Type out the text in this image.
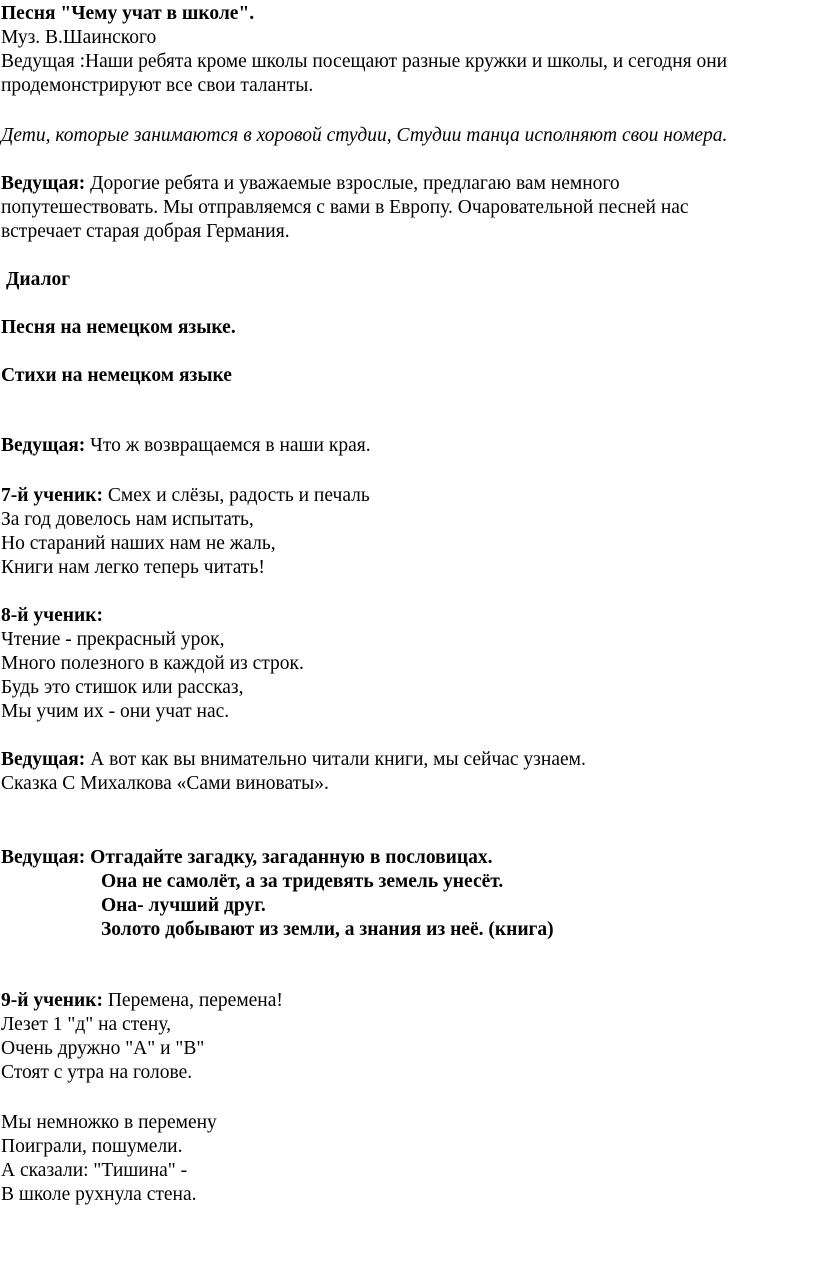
Песня "Чему учат в школе".
Муз. В.Шаинского
Ведущая :Наши ребята кроме школы посещают разные кружки и школы, и сегодня они
продемонстрируют все свои таланты.
Дети, которые занимаются в хоровой студии, Студии танца исполняют свои номера.
Ведущая: Дорогие ребята и уважаемые взрослые, предлагаю вам немного
попутешествовать. Мы отправляемся с вами в Европу. Очаровательной песней нас
встречает старая добрая Германия.
Диалог
Песня на немецком языке.
Стихи на немецком языке
Ведущая: Что ж возвращаемся в наши края.
7-й ученик: Смех и слёзы, радость и печаль
За год довелось нам испытать,
Но стараний наших нам не жаль,
Книги нам легко теперь читать!
8-й ученик:
Чтение - прекрасный урок,
Много полезного в каждой из строк.
Будь это стишок или рассказ,
Мы учим их - они учат нас.
Ведущая: А вот как вы внимательно читали книги, мы сейчас узнаем.
Сказка С Михалкова «Сами виноваты».
Ведущая: Отгадайте загадку, загаданную в пословицах.
Она не самолёт, а за тридевять земель унесёт.
Она- лучший друг.
Золото добывают из земли, а знания из неё. (книга)
9-й ученик: Перемена, перемена!
Лезет 1 "д" на стену,
Очень дружно "А" и "В"
Стоят с утра на голове.
Мы немножко в перемену
Поиграли, пошумели.
А сказали: "Тишина" -
В школе рухнула стена.
